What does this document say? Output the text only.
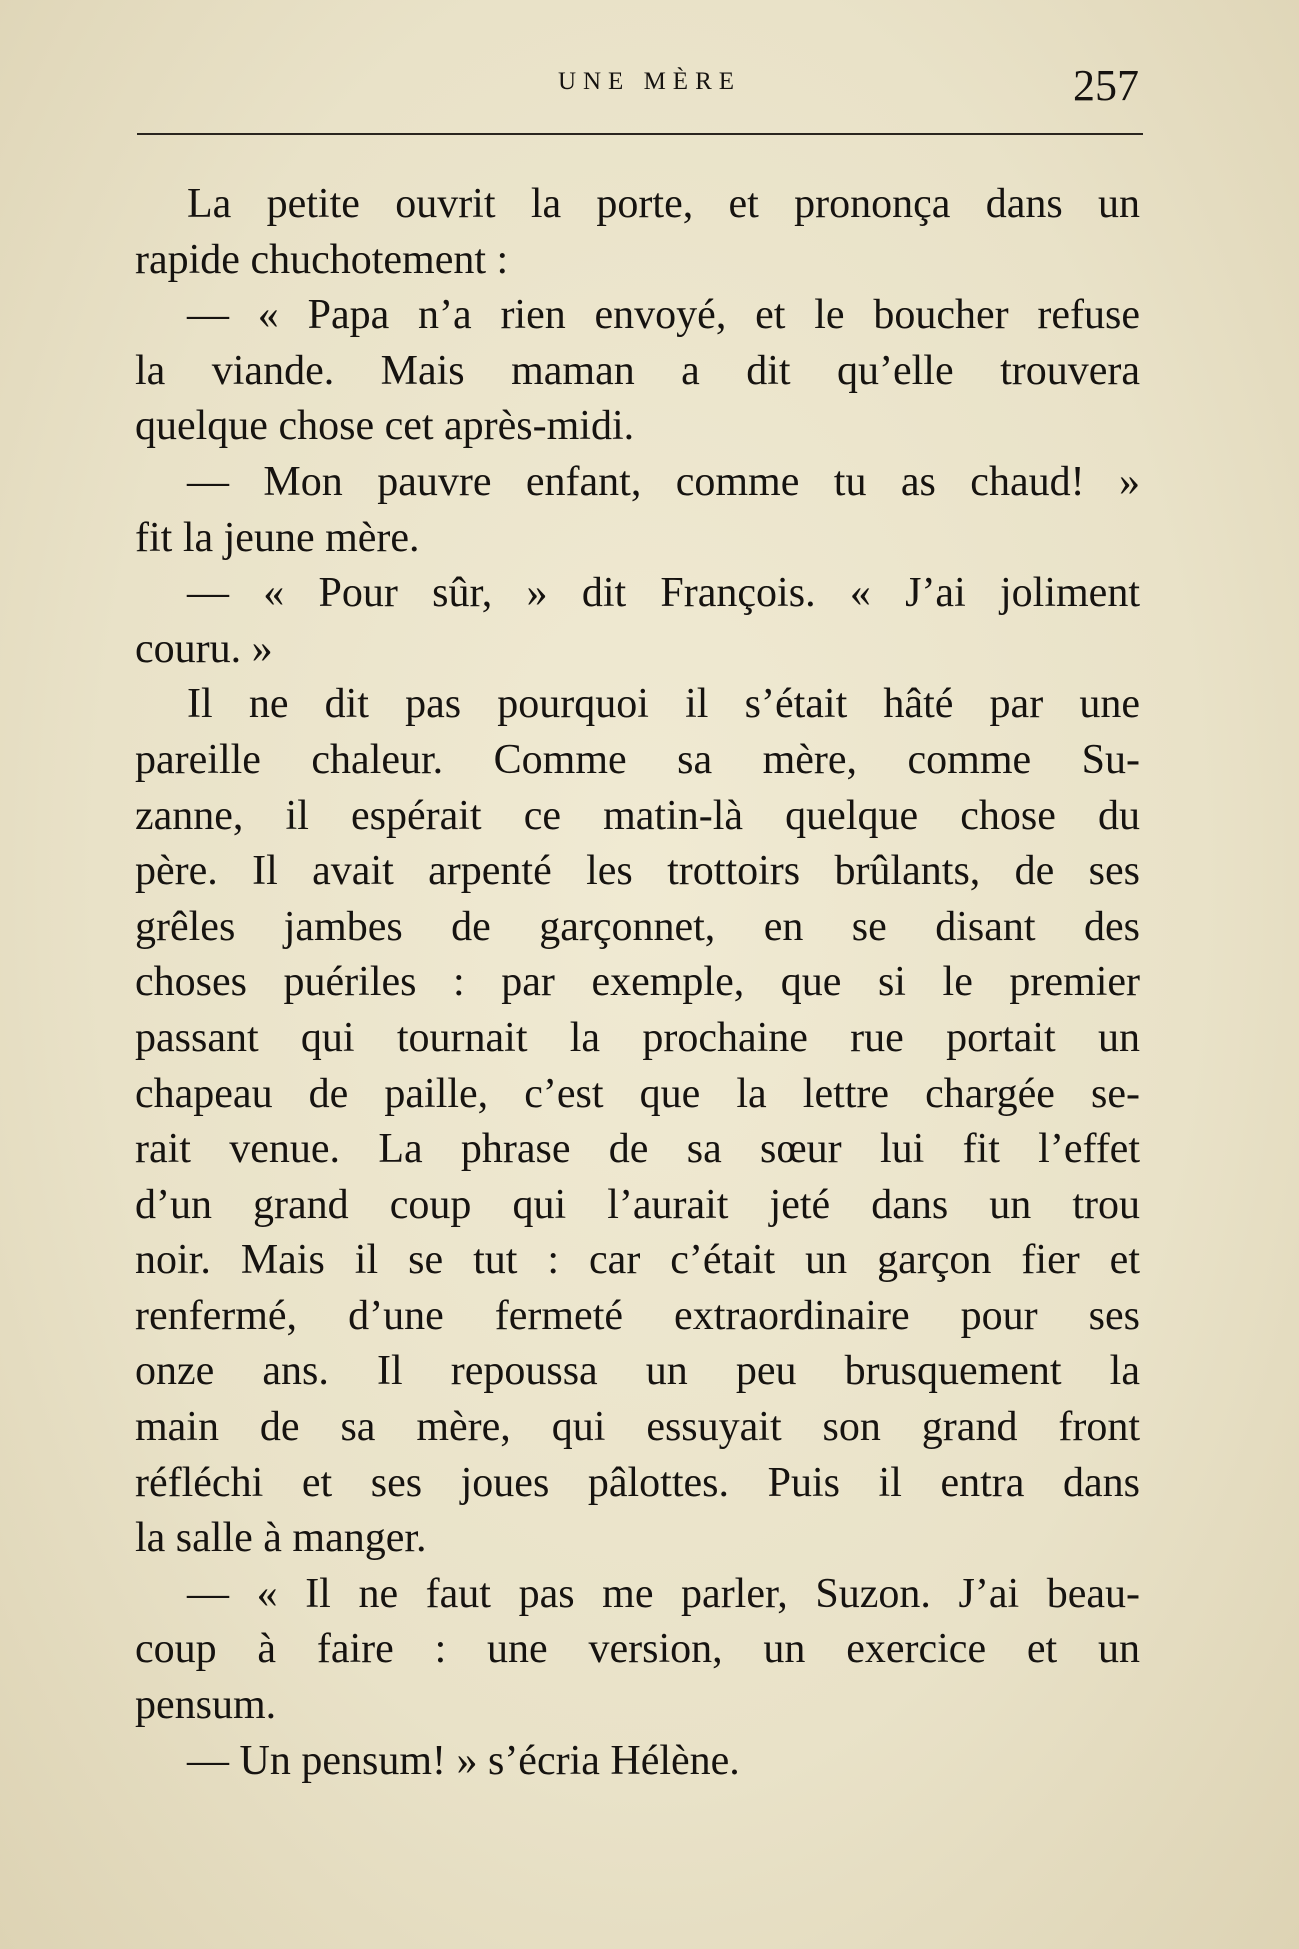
UNE MÈRE	257
La petite ouvrit la porte, et prononça dans un
rapide chuchotement :
— « Papa n’a rien envoyé, et le boucher refuse
la viande. Mais maman a dit qu’elle trouvera
quelque chose cet après-midi.
— Mon pauvre enfant, comme tu as chaud! »
fit la jeune mère.
— « Pour sûr, » dit François. « J’ai joliment
couru. »
Il ne dit pas pourquoi il s’était hâté par une
pareille chaleur. Comme sa mère, comme Su-
zanne, il espérait ce matin-là quelque chose du
père. Il avait arpenté les trottoirs brûlants, de ses
grêles jambes de garçonnet, en se disant des
choses puériles : par exemple, que si le premier
passant qui tournait la prochaine rue portait un
chapeau de paille, c’est que la lettre chargée se-
rait venue. La phrase de sa sœur lui fit l’effet
d’un grand coup qui l’aurait jeté dans un trou
noir. Mais il se tut : car c’était un garçon fier et
renfermé, d’une fermeté extraordinaire pour ses
onze ans. Il repoussa un peu brusquement la
main de sa mère, qui essuyait son grand front
réfléchi et ses joues pâlottes. Puis il entra dans
la salle à manger.
— « Il ne faut pas me parler, Suzon. J’ai beau-
coup à faire : une version, un exercice et un
pensum.
— Un pensum! » s’écria Hélène.
